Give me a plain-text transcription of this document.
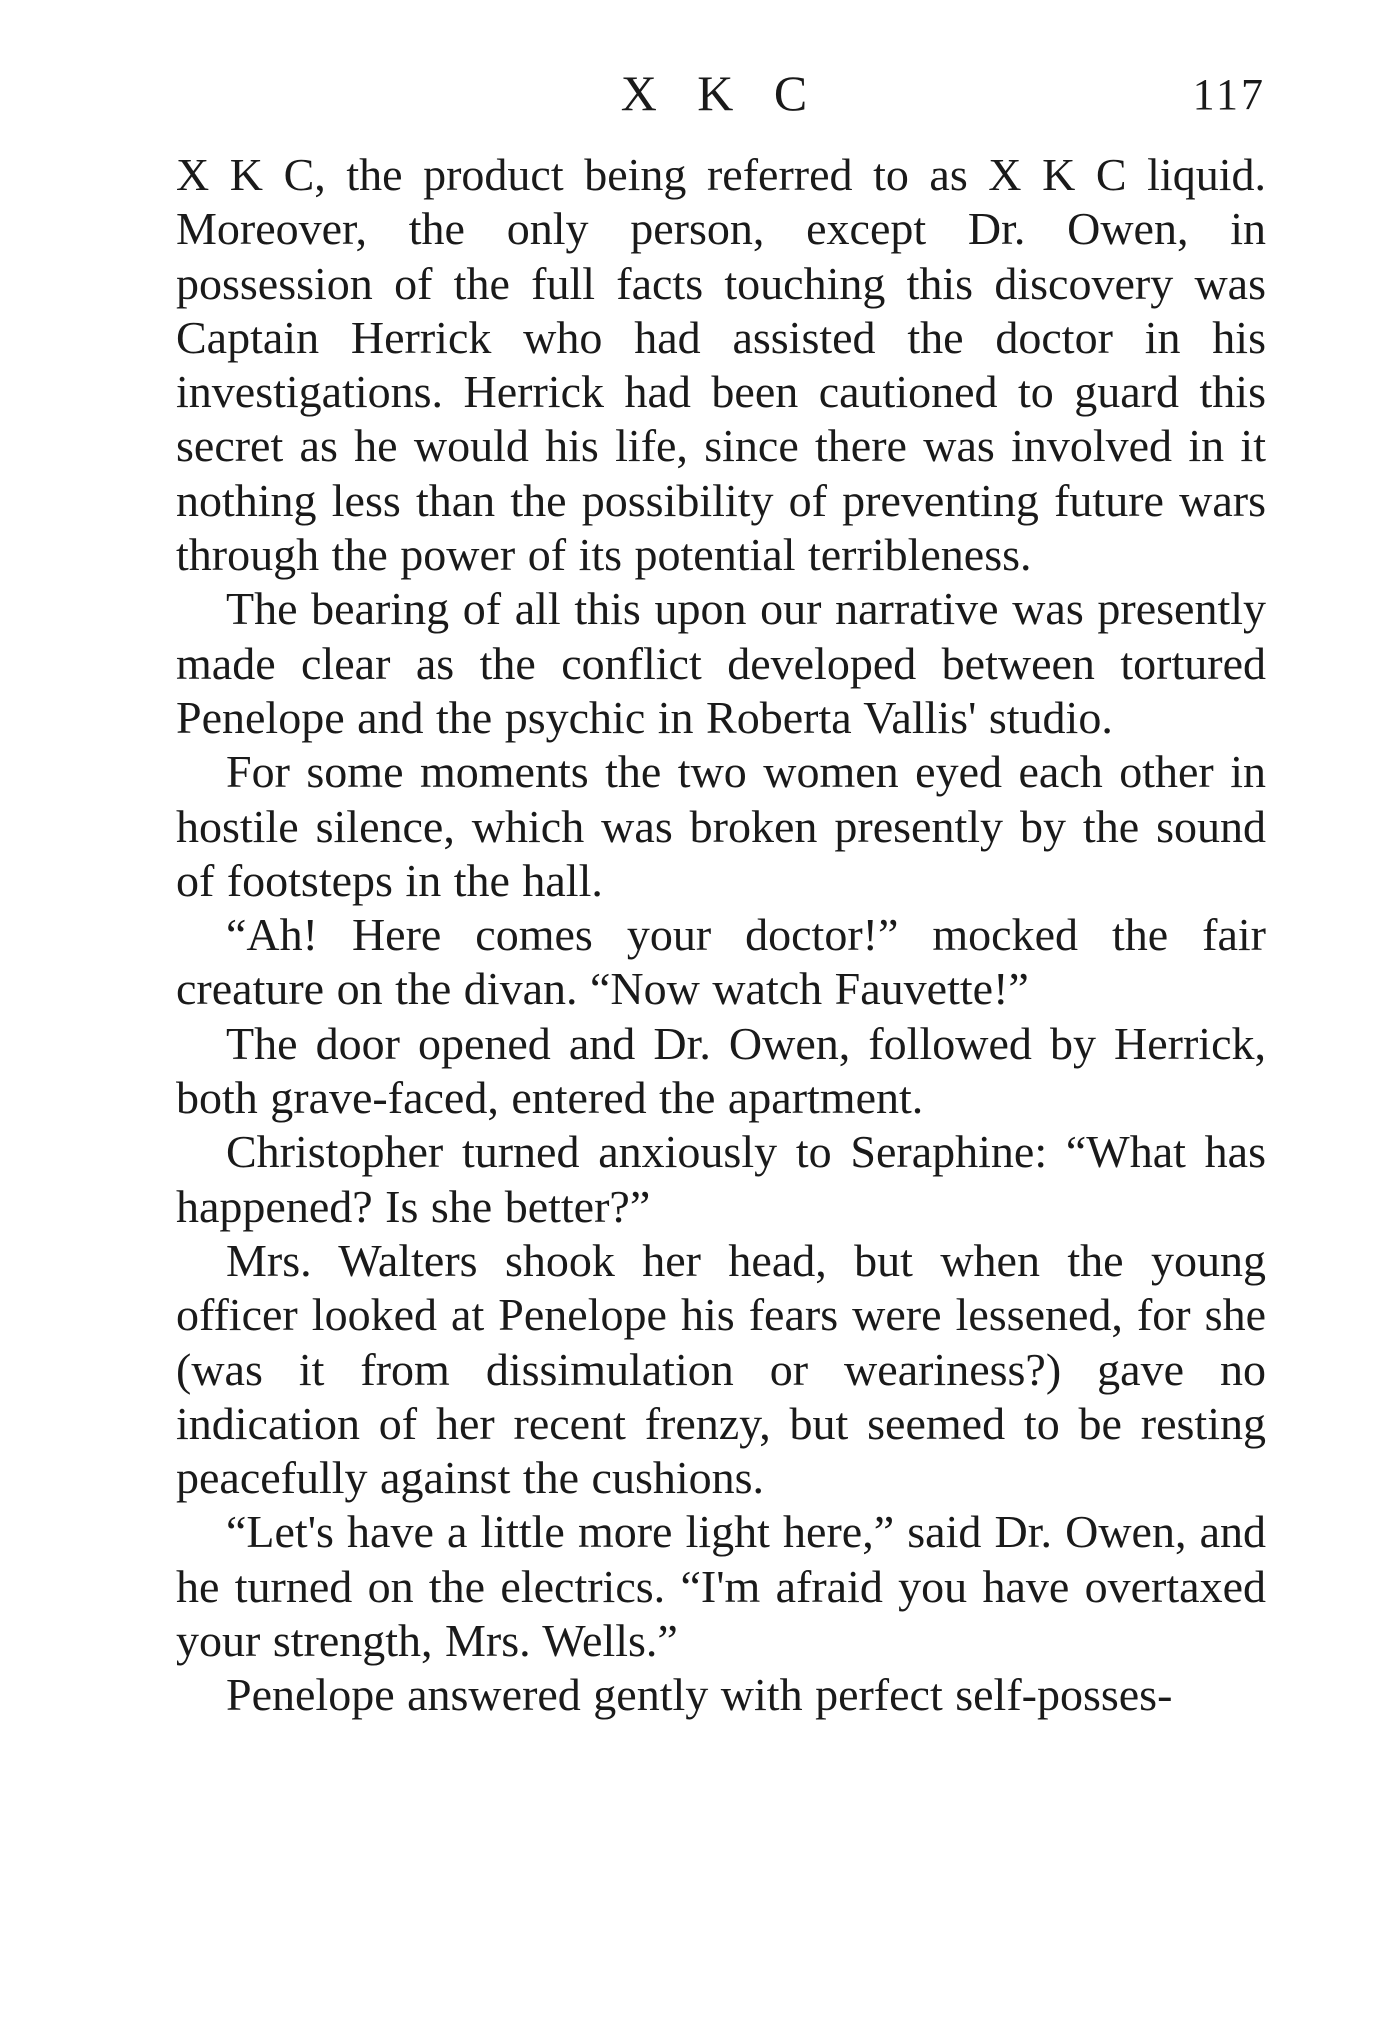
X K C	117

X K C, the product being referred to as X K C liquid. Moreover, the only person, except Dr. Owen, in possession of the full facts touching this discovery was Captain Herrick who had assisted the doctor in his investigations. Herrick had been cautioned to guard this secret as he would his life, since there was involved in it nothing less than the possibility of preventing future wars through the power of its potential terribleness.

The bearing of all this upon our narrative was presently made clear as the conflict developed between tortured Penelope and the psychic in Roberta Vallis' studio.

For some moments the two women eyed each other in hostile silence, which was broken presently by the sound of footsteps in the hall.

“Ah! Here comes your doctor!” mocked the fair creature on the divan. “Now watch Fauvette!”

The door opened and Dr. Owen, followed by Herrick, both grave-faced, entered the apartment.

Christopher turned anxiously to Seraphine: “What has happened? Is she better?”

Mrs. Walters shook her head, but when the young officer looked at Penelope his fears were lessened, for she (was it from dissimulation or weariness?) gave no indication of her recent frenzy, but seemed to be resting peacefully against the cushions.

“Let's have a little more light here,” said Dr. Owen, and he turned on the electrics. “I'm afraid you have overtaxed your strength, Mrs. Wells.”

Penelope answered gently with perfect self-posses-
